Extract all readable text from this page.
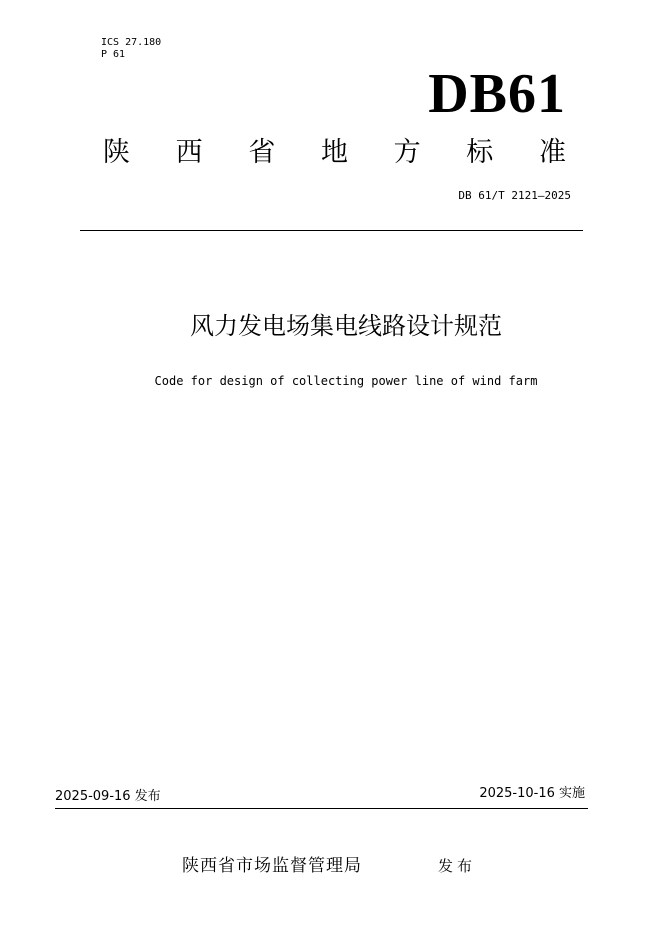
ICS 27.180
P 61
DB61
陕 西 省 地 方 标 准
DB 61/T 2121—2025
风力发电场集电线路设计规范
Code for design of collecting power line of wind farm
2025-09-16 发布	2025-10-16 实施
陕西省市场监督管理局	发布
